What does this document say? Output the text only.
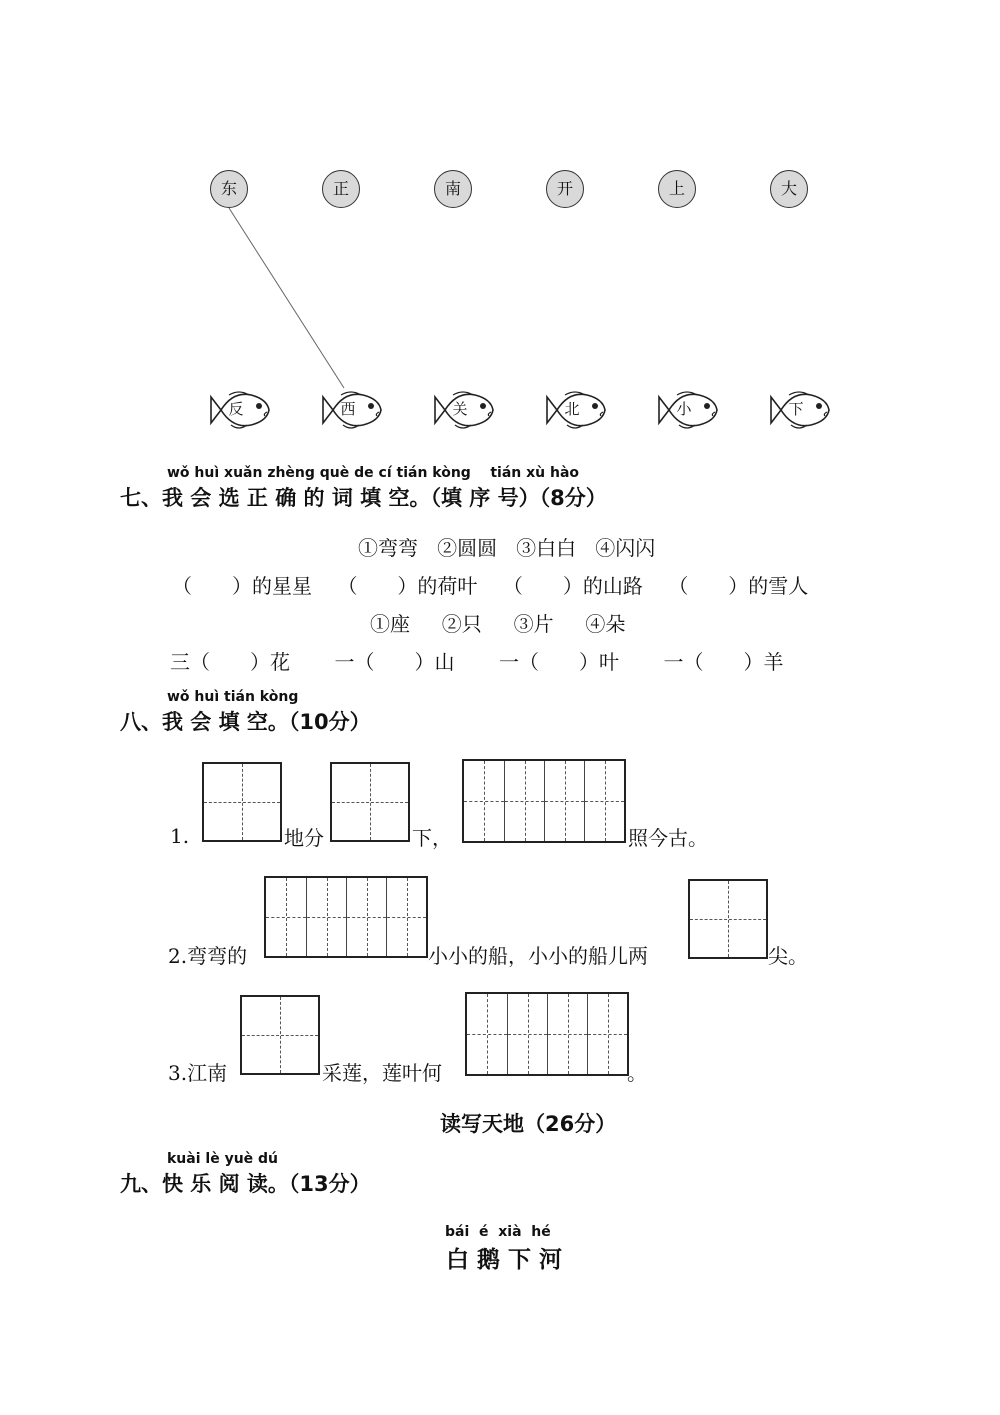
东	正	南	开	上	大
反	西	关	北	小	下
wǒ huì xuǎn zhèng què de cí tián kòng    tián xù hào
七、我 会 选 正 确 的 词 填 空。（填 序 号）（8分）
①弯弯 ②圆圆 ③白白 ④闪闪
（　　）的星星 （　　）的荷叶 （　　）的山路 （　　）的雪人
①座 ②只 ③片 ④朵
三（　　）花 一（　　）山 一（　　）叶 一（　　）羊
wǒ huì tián kòng
八、我 会 填 空。（10分）
1.	地分	下，	照今古。
2.弯弯的	小小的船，小小的船儿两	尖。
3.江南	采莲，莲叶何	。
读写天地（26分）
kuài lè yuè dú
九、快 乐 阅 读。（13分）
bái  é  xià  hé
白 鹅 下 河
